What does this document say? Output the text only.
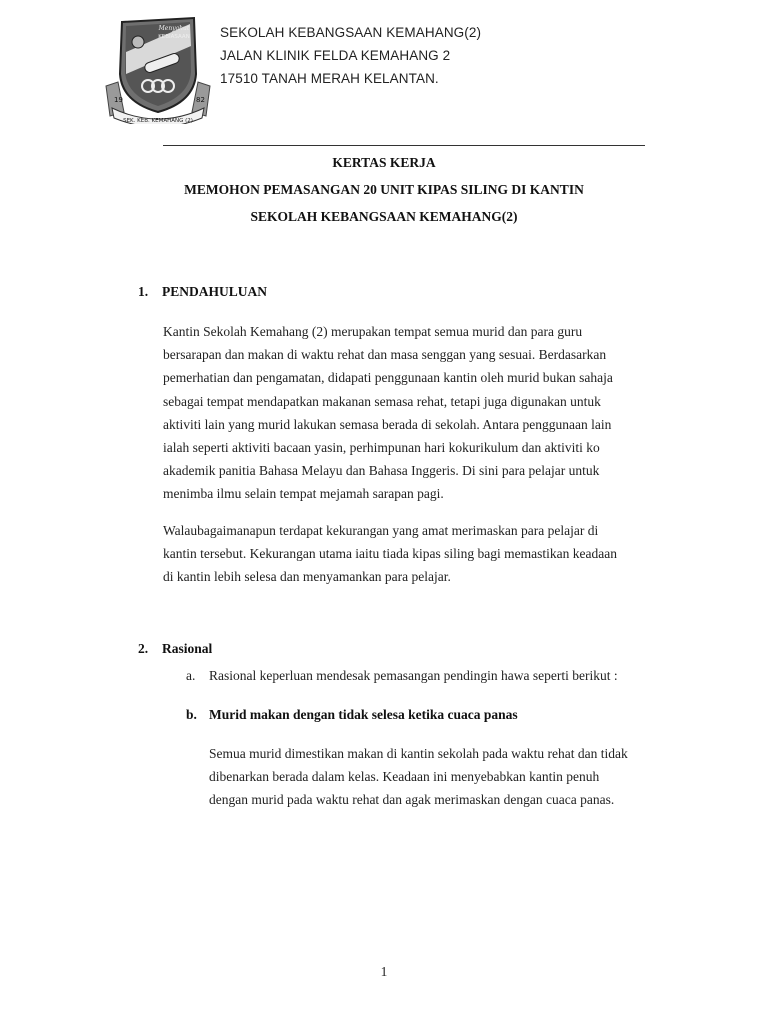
Menyahut
KEBIASAAN
19	82
SEK. KEB. KEMAHANG (2)
SEKOLAH KEBANGSAAN KEMAHANG(2)
JALAN KLINIK FELDA KEMAHANG 2
17510 TANAH MERAH KELANTAN.
KERTAS KERJA
MEMOHON PEMASANGAN 20 UNIT KIPAS SILING DI KANTIN
SEKOLAH KEBANGSAAN KEMAHANG(2)
1. PENDAHULUAN
Kantin Sekolah Kemahang (2) merupakan tempat semua murid dan para guru
bersarapan dan makan di waktu rehat dan masa senggan yang sesuai. Berdasarkan
pemerhatian dan pengamatan, didapati penggunaan kantin oleh murid bukan sahaja
sebagai tempat mendapatkan makanan semasa rehat, tetapi juga digunakan untuk
aktiviti lain yang murid lakukan semasa berada di sekolah. Antara penggunaan lain
ialah seperti aktiviti bacaan yasin, perhimpunan hari kokurikulum dan aktiviti ko
akademik panitia Bahasa Melayu dan Bahasa Inggeris. Di sini para pelajar untuk
menimba ilmu selain tempat mejamah sarapan pagi.
Walaubagaimanapun terdapat kekurangan yang amat merimaskan para pelajar di
kantin tersebut. Kekurangan utama iaitu tiada kipas siling bagi memastikan keadaan
di kantin lebih selesa dan menyamankan para pelajar.
2. Rasional
a. Rasional keperluan mendesak pemasangan pendingin hawa seperti berikut :
b. Murid makan dengan tidak selesa ketika cuaca panas
Semua murid dimestikan makan di kantin sekolah pada waktu rehat dan tidak
dibenarkan berada dalam kelas. Keadaan ini menyebabkan kantin penuh
dengan murid pada waktu rehat dan agak merimaskan dengan cuaca panas.
1
